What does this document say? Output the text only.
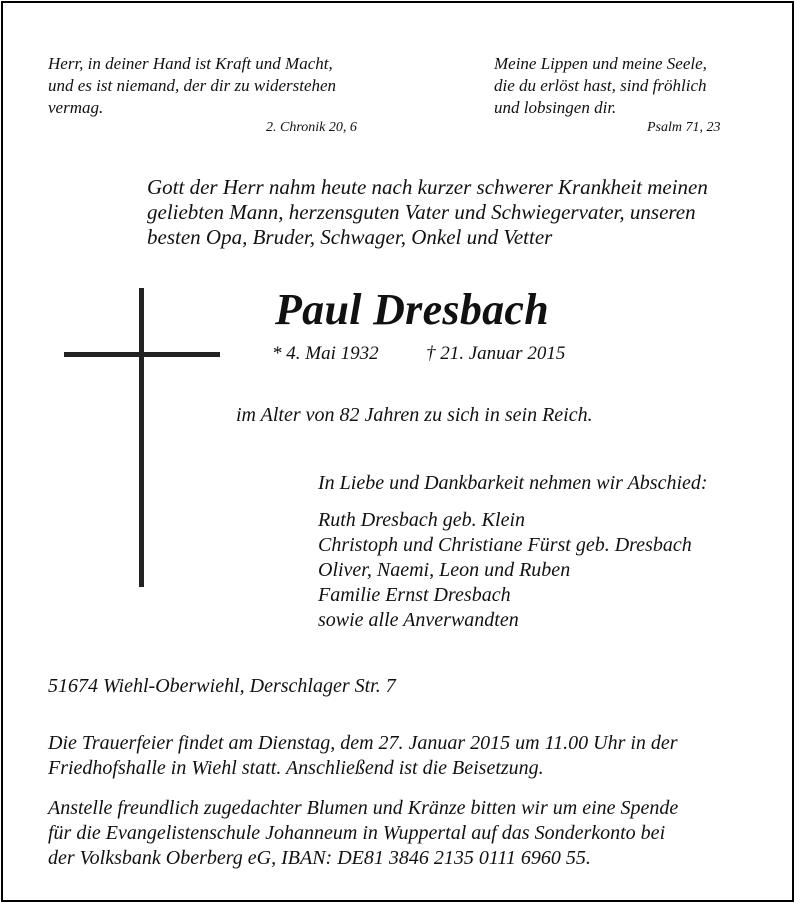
Herr, in deiner Hand ist Kraft und Macht,
und es ist niemand, der dir zu widerstehen
vermag.
2. Chronik 20, 6
Meine Lippen und meine Seele,
die du erlöst hast, sind fröhlich
und lobsingen dir.
Psalm 71, 23
Gott der Herr nahm heute nach kurzer schwerer Krankheit meinen
geliebten Mann, herzensguten Vater und Schwiegervater, unseren
besten Opa, Bruder, Schwager, Onkel und Vetter
Paul Dresbach
* 4. Mai 1932 † 21. Januar 2015
im Alter von 82 Jahren zu sich in sein Reich.
In Liebe und Dankbarkeit nehmen wir Abschied:
Ruth Dresbach geb. Klein
Christoph und Christiane Fürst geb. Dresbach
Oliver, Naemi, Leon und Ruben
Familie Ernst Dresbach
sowie alle Anverwandten
51674 Wiehl-Oberwiehl, Derschlager Str. 7
Die Trauerfeier findet am Dienstag, dem 27. Januar 2015 um 11.00 Uhr in der
Friedhofshalle in Wiehl statt. Anschließend ist die Beisetzung.
Anstelle freundlich zugedachter Blumen und Kränze bitten wir um eine Spende
für die Evangelistenschule Johanneum in Wuppertal auf das Sonderkonto bei
der Volksbank Oberberg eG, IBAN: DE81 3846 2135 0111 6960 55.
